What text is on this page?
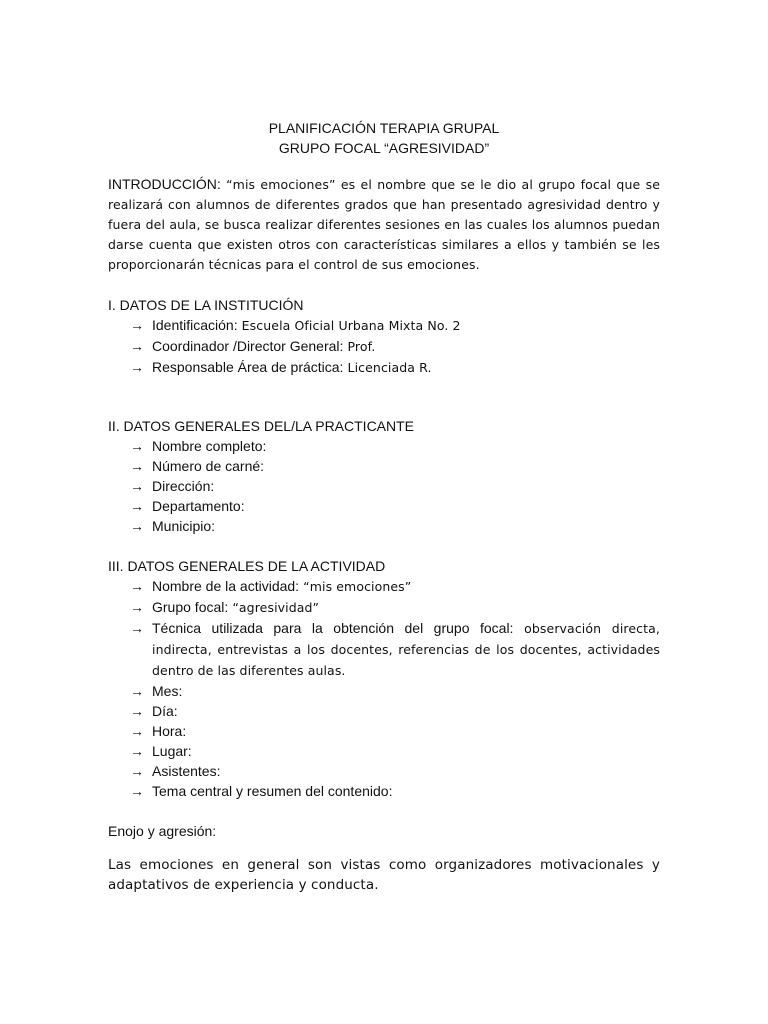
PLANIFICACIÓN TERAPIA GRUPAL

GRUPO FOCAL “AGRESIVIDAD”

INTRODUCCIÓN: “mis emociones” es el nombre que se le dio al grupo focal que se realizará con alumnos de diferentes grados que han presentado agresividad dentro y fuera del aula, se busca realizar diferentes sesiones en las cuales los alumnos puedan darse cuenta que existen otros con características similares a ellos y también se les proporcionarán técnicas para el control de sus emociones.

I. DATOS DE LA INSTITUCIÓN

→ Identificación: Escuela Oficial Urbana Mixta No. 2
→ Coordinador /Director General: Prof.
→ Responsable Área de práctica: Licenciada R.

II. DATOS GENERALES DEL/LA PRACTICANTE

→ Nombre completo:
→ Número de carné:
→ Dirección:
→ Departamento:
→ Municipio:

III. DATOS GENERALES DE LA ACTIVIDAD

→ Nombre de la actividad: “mis emociones”
→ Grupo focal: “agresividad”
→ Técnica utilizada para la obtención del grupo focal: observación directa, indirecta, entrevistas a los docentes, referencias de los docentes, actividades dentro de las diferentes aulas.
→ Mes:
→ Día:
→ Hora:
→ Lugar:
→ Asistentes:
→ Tema central y resumen del contenido:

Enojo y agresión:

Las emociones en general son vistas como organizadores motivacionales y adaptativos de experiencia y conducta.
